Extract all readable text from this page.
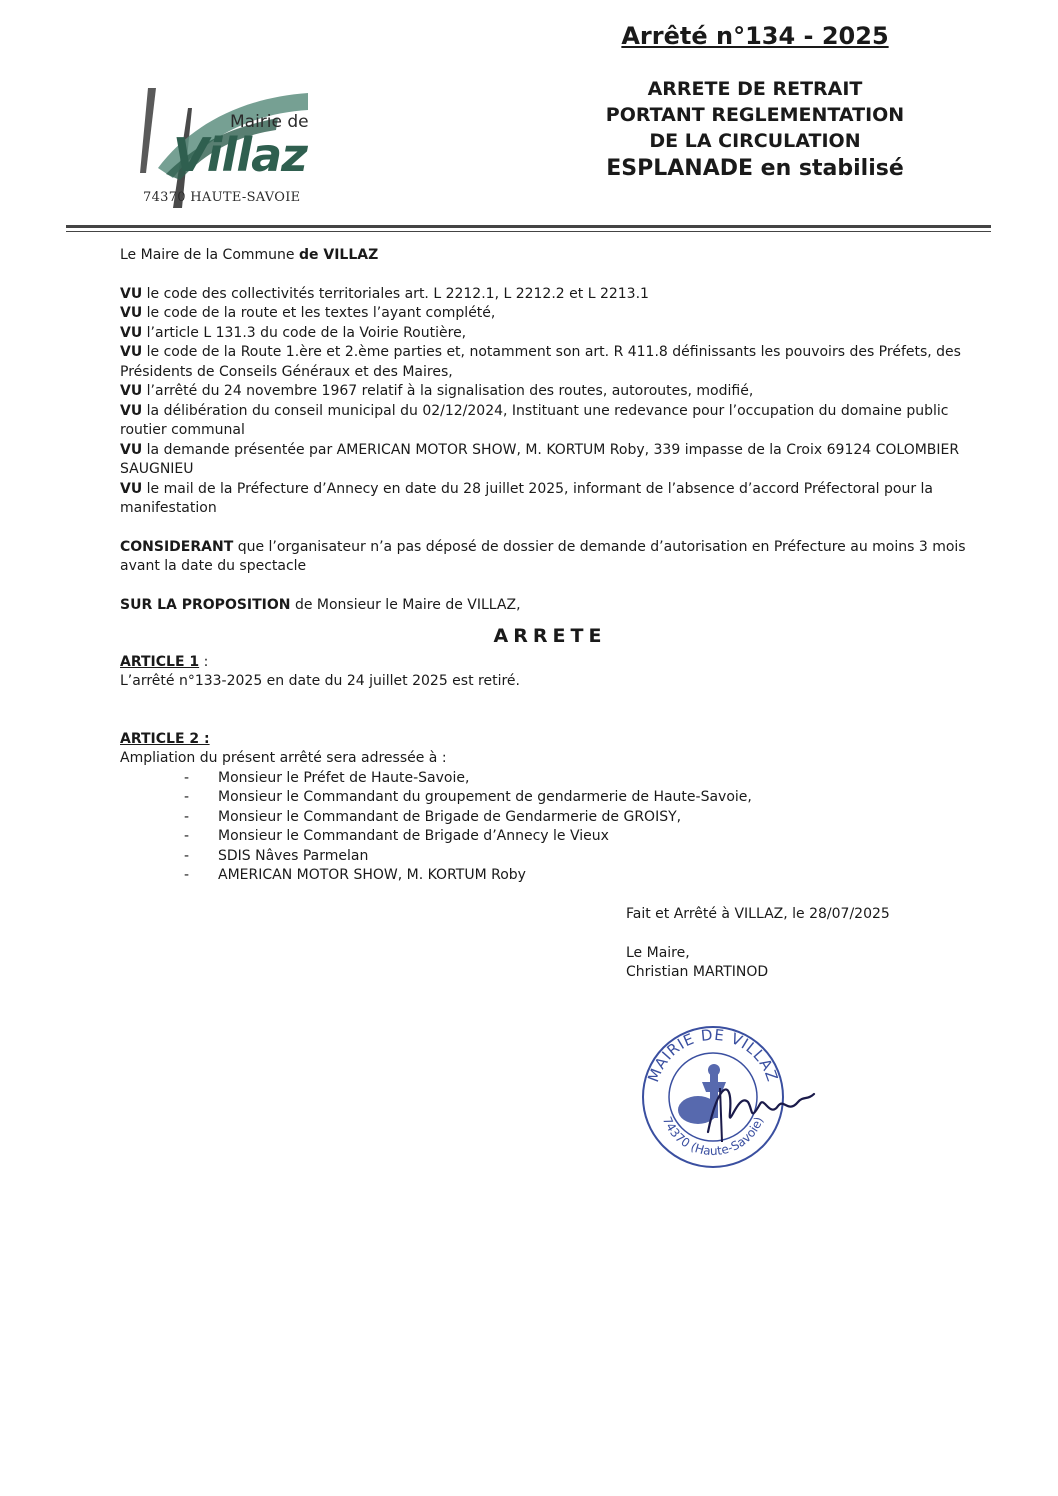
Mairie de
Villaz
74370 HAUTE-SAVOIE
Arrêté n°134 - 2025
ARRETE DE RETRAIT
PORTANT REGLEMENTATION
DE LA CIRCULATION
ESPLANADE en stabilisé

Le Maire de la Commune de VILLAZ

VU le code des collectivités territoriales art. L 2212.1, L 2212.2 et L 2213.1

VU le code de la route et les textes l’ayant complété,

VU l’article L 131.3 du code de la Voirie Routière,

VU le code de la Route 1.ère et 2.ème parties et, notamment son art. R 411.8 définissants les pouvoirs des Préfets, des Présidents de Conseils Généraux et des Maires,

VU l’arrêté du 24 novembre 1967 relatif à la signalisation des routes, autoroutes, modifié,

VU la délibération du conseil municipal du 02/12/2024, Instituant une redevance pour l’occupation du domaine public routier communal

VU la demande présentée par AMERICAN MOTOR SHOW, M. KORTUM Roby, 339 impasse de la Croix 69124 COLOMBIER SAUGNIEU

VU le mail de la Préfecture d’Annecy en date du 28 juillet 2025, informant de l’absence d’accord Préfectoral pour la manifestation

CONSIDERANT que l’organisateur n’a pas déposé de dossier de demande d’autorisation en Préfecture au moins 3 mois avant la date du spectacle

SUR LA PROPOSITION de Monsieur le Maire de VILLAZ,

ARRETE

ARTICLE 1 :

L’arrêté n°133-2025 en date du 24 juillet 2025 est retiré.

ARTICLE 2 :

Ampliation du présent arrêté sera adressée à :

- Monsieur le Préfet de Haute-Savoie,
- Monsieur le Commandant du groupement de gendarmerie de Haute-Savoie,
- Monsieur le Commandant de Brigade de Gendarmerie de GROISY,
- Monsieur le Commandant de Brigade d’Annecy le Vieux
- SDIS Nâves Parmelan
- AMERICAN MOTOR SHOW, M. KORTUM Roby
Fait et Arrêté à VILLAZ, le 28/07/2025
Le Maire,
Christian MARTINOD
MAIRIE DE VILLAZ
74370 (Haute-Savoie)
